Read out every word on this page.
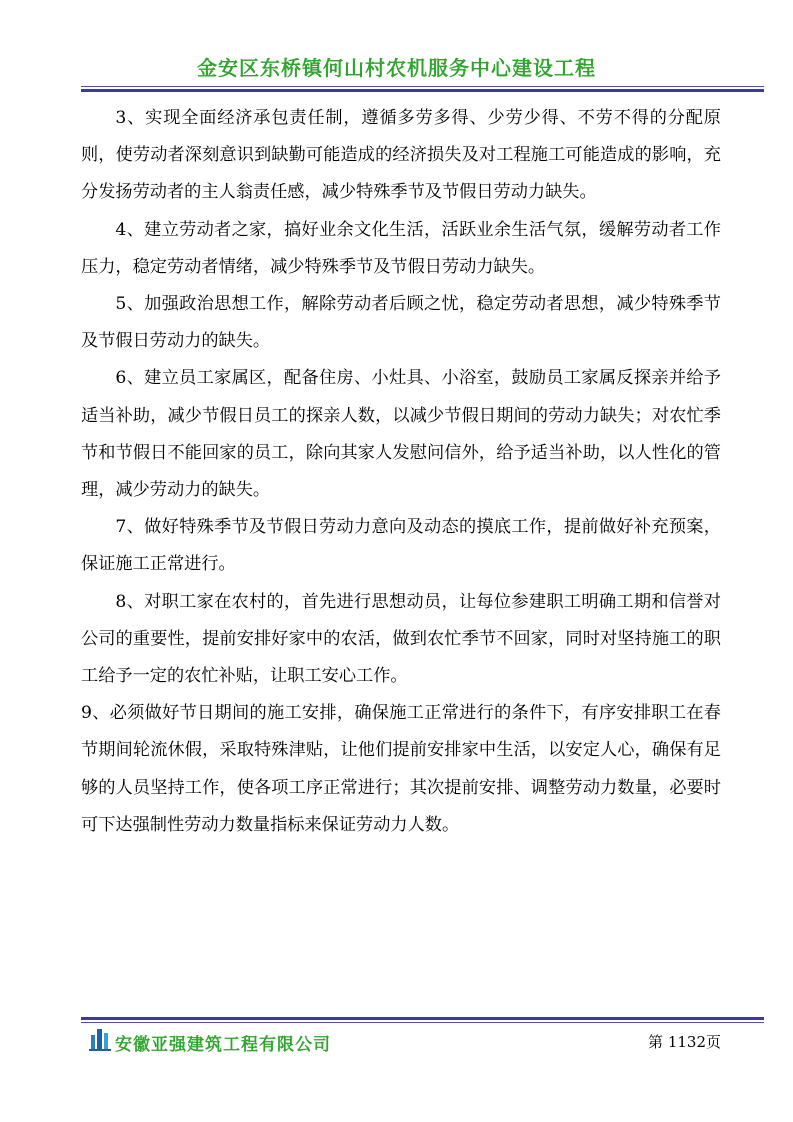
金安区东桥镇何山村农机服务中心建设工程

3、实现全面经济承包责任制，遵循多劳多得、少劳少得、不劳不得的分配原则，使劳动者深刻意识到缺勤可能造成的经济损失及对工程施工可能造成的影响，充分发扬劳动者的主人翁责任感，减少特殊季节及节假日劳动力缺失。

4、建立劳动者之家，搞好业余文化生活，活跃业余生活气氛，缓解劳动者工作压力，稳定劳动者情绪，减少特殊季节及节假日劳动力缺失。

5、加强政治思想工作，解除劳动者后顾之忧，稳定劳动者思想，减少特殊季节及节假日劳动力的缺失。

6、建立员工家属区，配备住房、小灶具、小浴室，鼓励员工家属反探亲并给予适当补助，减少节假日员工的探亲人数，以减少节假日期间的劳动力缺失；对农忙季节和节假日不能回家的员工，除向其家人发慰问信外，给予适当补助，以人性化的管理，减少劳动力的缺失。

7、做好特殊季节及节假日劳动力意向及动态的摸底工作，提前做好补充预案，保证施工正常进行。

8、对职工家在农村的，首先进行思想动员，让每位参建职工明确工期和信誉对公司的重要性，提前安排好家中的农活，做到农忙季节不回家，同时对坚持施工的职工给予一定的农忙补贴，让职工安心工作。

9、必须做好节日期间的施工安排，确保施工正常进行的条件下，有序安排职工在春节期间轮流休假，采取特殊津贴，让他们提前安排家中生活，以安定人心，确保有足够的人员坚持工作，使各项工序正常进行；其次提前安排、调整劳动力数量，必要时可下达强制性劳动力数量指标来保证劳动力人数。

安徽亚强建筑工程有限公司	第 1132页
